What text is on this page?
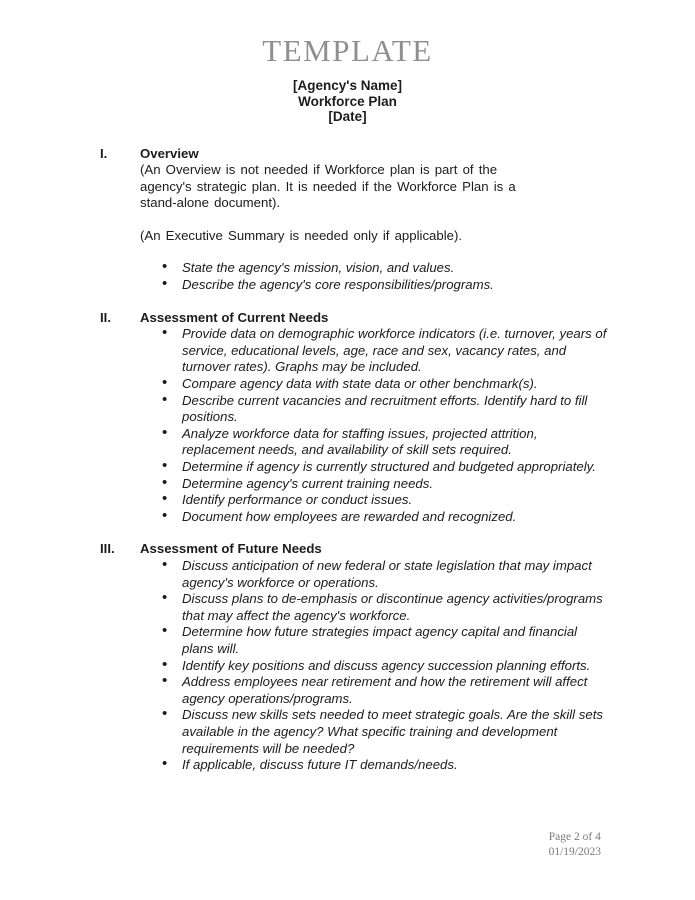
TEMPLATE
[Agency's Name]
Workforce Plan
[Date]
I.	Overview

(An Overview is not needed if Workforce plan is part of the agency's strategic plan. It is needed if the Workforce Plan is a stand-alone document).

(An Executive Summary is needed only if applicable).

• State the agency's mission, vision, and values.
• Describe the agency's core responsibilities/programs.
II.	Assessment of Current Needs
• Provide data on demographic workforce indicators (i.e. turnover, years of service, educational levels, age, race and sex, vacancy rates, and turnover rates). Graphs may be included.
• Compare agency data with state data or other benchmark(s).
• Describe current vacancies and recruitment efforts. Identify hard to fill positions.
• Analyze workforce data for staffing issues, projected attrition, replacement needs, and availability of skill sets required.
• Determine if agency is currently structured and budgeted appropriately.
• Determine agency's current training needs.
• Identify performance or conduct issues.
• Document how employees are rewarded and recognized.
III.	Assessment of Future Needs
• Discuss anticipation of new federal or state legislation that may impact agency's workforce or operations.
• Discuss plans to de-emphasis or discontinue agency activities/programs that may affect the agency's workforce.
• Determine how future strategies impact agency capital and financial plans will.
• Identify key positions and discuss agency succession planning efforts.
• Address employees near retirement and how the retirement will affect agency operations/programs.
• Discuss new skills sets needed to meet strategic goals. Are the skill sets available in the agency? What specific training and development requirements will be needed?
• If applicable, discuss future IT demands/needs.
Page 2 of 4
01/19/2023
